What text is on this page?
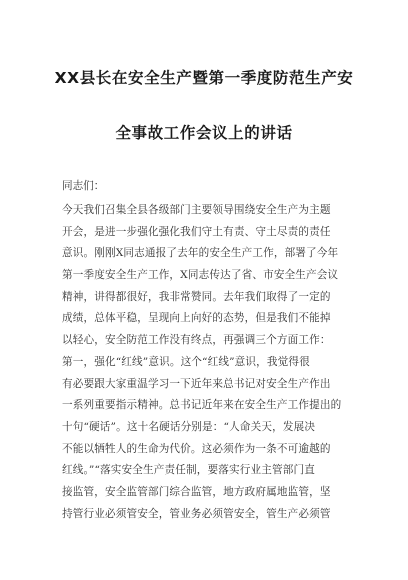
XX县长在安全生产暨第一季度防范生产安
全事故工作会议上的讲话
同志们：
今天我们召集全县各级部门主要领导围绕安全生产为主题
开会，是进一步强化强化我们守土有责、守土尽责的责任
意识。刚刚X同志通报了去年的安全生产工作，部署了今年
第一季度安全生产工作，X同志传达了省、市安全生产会议
精神，讲得都很好，我非常赞同。去年我们取得了一定的
成绩，总体平稳，呈现向上向好的态势，但是我们不能掉
以轻心，安全防范工作没有终点，再强调三个方面工作：
第一，强化“红线”意识。这个“红线”意识，我觉得很
有必要跟大家重温学习一下近年来总书记对安全生产作出
一系列重要指示精神。总书记近年来在安全生产工作提出的
十句“硬话”。这十名硬话分别是：“人命关天，发展决
不能以牺牲人的生命为代价。这必须作为一条不可逾越的
红线。”“落实安全生产责任制，要落实行业主管部门直
接监管，安全监管部门综合监管，地方政府属地监管，坚
持管行业必须管安全，管业务必须管安全，管生产必须管
